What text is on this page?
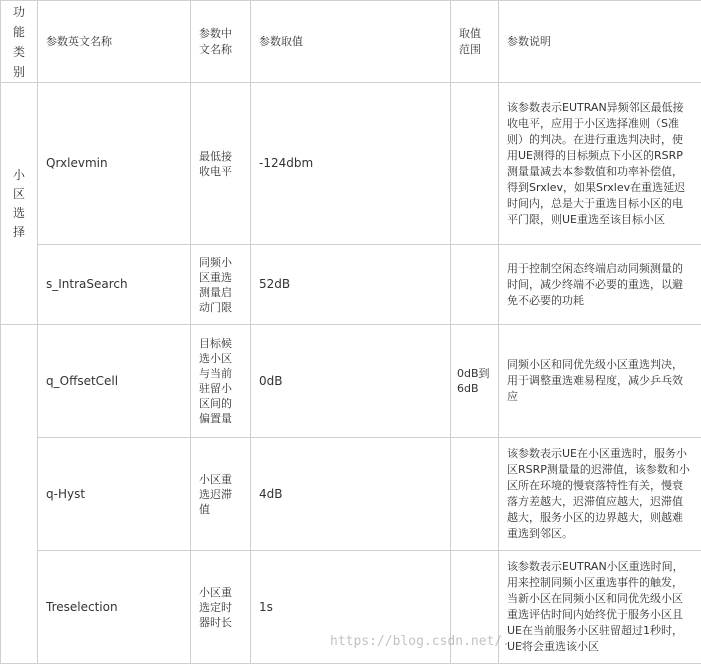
功能类别	参数英文名称	参数中文名称	参数取值	取值范围	参数说明

小区选择	Qrxlevmin	最低接收电平	-124dbm		该参数表示EUTRAN异频邻区最低接收电平，应用于小区选择准则（S准则）的判决。在进行重选判决时，使用UE测得的目标频点下小区的RSRP测量量减去本参数值和功率补偿值，得到Srxlev，如果Srxlev在重选延迟时间内，总是大于重选目标小区的电平门限，则UE重选至该目标小区
	s_IntraSearch	同频小区重选测量启动门限	52dB		用于控制空闲态终端启动同频测量的时间，减少终端不必要的重选，以避免不必要的功耗
	q_OffsetCell	目标候选小区与当前驻留小区间的偏置量	0dB	0dB到6dB	同频小区和同优先级小区重选判决，用于调整重选难易程度，减少乒乓效应
	q-Hyst	小区重选迟滞值	4dB		该参数表示UE在小区重选时，服务小区RSRP测量量的迟滞值，该参数和小区所在环境的慢衰落特性有关，慢衰落方差越大，迟滞值应越大，迟滞值越大，服务小区的边界越大，则越难重选到邻区。
	Treselection	小区重选定时器时长	1s		该参数表示EUTRAN小区重选时间，用来控制同频小区重选事件的触发，当新小区在同频小区和同优先级小区重选评估时间内始终优于服务小区且UE在当前服务小区驻留超过1秒时，UE将会重选该小区
https://blog.csdn.net/...
